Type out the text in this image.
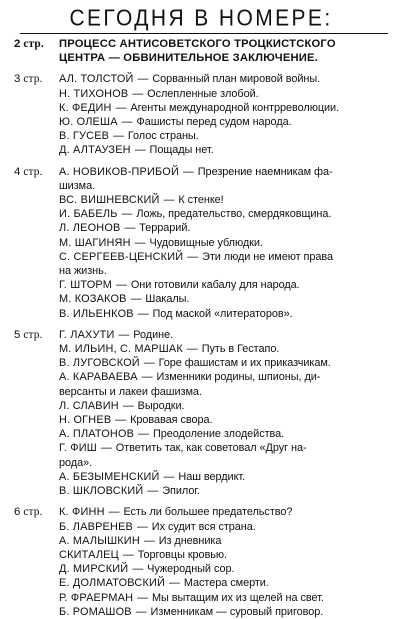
СЕГОДНЯ В НОМЕРЕ:
2 стр.	ПРОЦЕСС АНТИСОВЕТСКОГО ТРОЦКИСТСКОГО
ЦЕНТРА — ОБВИНИТЕЛЬНОЕ ЗАКЛЮЧЕНИЕ.
3 стр.	АЛ. ТОЛСТОЙ — Сорванный план мировой войны.
Н. ТИХОНОВ — Ослепленные злобой.
К. ФЕДИН — Агенты международной контрреволюции.
Ю. ОЛЕША — Фашисты перед судом народа.
В. ГУСЕВ — Голос страны.
Д. АЛТАУЗЕН — Пощады нет.
4 стр.	А. НОВИКОВ-ПРИБОЙ — Презрение наемникам фа-
шизма.
ВС. ВИШНЕВСКИЙ — К стенке!
И. БАБЕЛЬ — Ложь, предательство, смердяковщина.
Л. ЛЕОНОВ — Террарий.
М. ШАГИНЯН — Чудовищные ублюдки.
С. СЕРГЕЕВ-ЦЕНСКИЙ — Эти люди не имеют права
на жизнь.
Г. ШТОРМ — Они готовили кабалу для народа.
М. КОЗАКОВ — Шакалы.
В. ИЛЬЕНКОВ — Под маской «литераторов».
5 стр.	Г. ЛАХУТИ — Родине.
М. ИЛЬИН, С. МАРШАК — Путь в Гестапо.
В. ЛУГОВСКОЙ — Горе фашистам и их приказчикам.
А. КАРАВАЕВА — Изменники родины, шпионы, ди-
версанты и лакеи фашизма.
Л. СЛАВИН — Выродки.
Н. ОГНЕВ — Кровавая свора.
А. ПЛАТОНОВ — Преодоление злодейства.
Г. ФИШ — Ответить так, как советовал «Друг на-
рода».
А. БЕЗЫМЕНСКИЙ — Наш вердикт.
В. ШКЛОВСКИЙ — Эпилог.
6 стр.	К. ФИНН — Есть ли большее предательство?
Б. ЛАВРЕНЕВ — Их судит вся страна.
А. МАЛЫШКИН — Из дневника
СКИТАЛЕЦ — Торговцы кровью.
Д. МИРСКИЙ — Чужеродный сор.
Е. ДОЛМАТОВСКИЙ — Мастера смерти.
Р. ФРАЕРМАН — Мы вытащим их из щелей на свет.
Б. РОМАШОВ — Изменникам — суровый приговор.
